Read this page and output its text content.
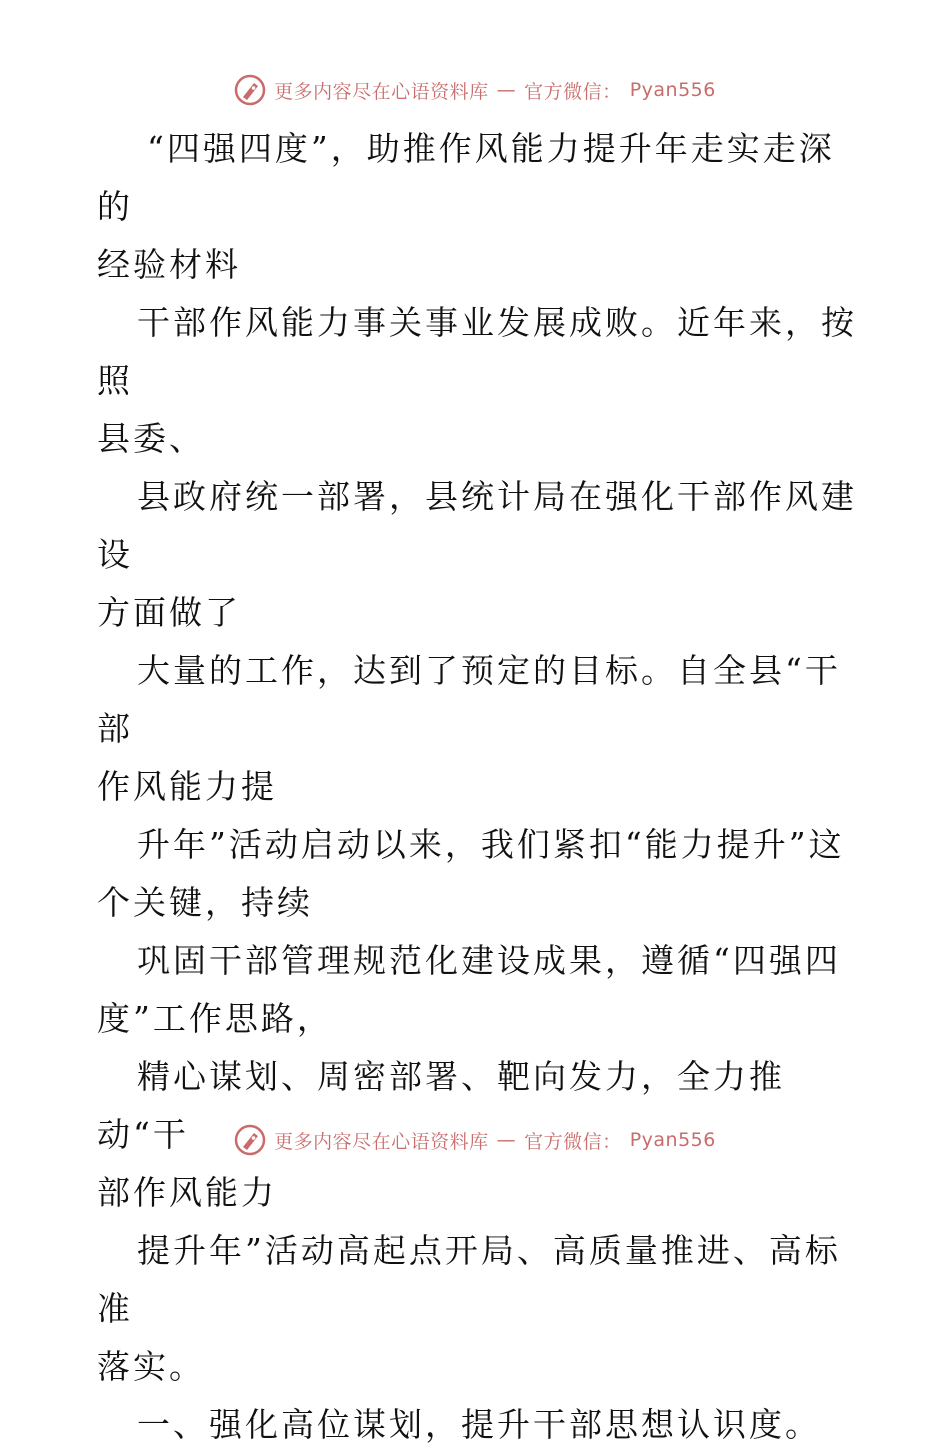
更多内容尽在心语资料库 — 官方微信： Pyan556

“四强四度”，助推作风能力提升年走实走深的

经验材料

干部作风能力事关事业发展成败。近年来，按照

县委、

县政府统一部署，县统计局在强化干部作风建设

方面做了

大量的工作，达到了预定的目标。自全县“干部

作风能力提

升年”活动启动以来，我们紧扣“能力提升”这

个关键，持续

巩固干部管理规范化建设成果，遵循“四强四

度”工作思路，

精心谋划、周密部署、靶向发力，全力推动“干

部作风能力

提升年”活动高起点开局、高质量推进、高标准

落实。

一、强化高位谋划，提升干部思想认识度。

更多内容尽在心语资料库 — 官方微信： Pyan556
